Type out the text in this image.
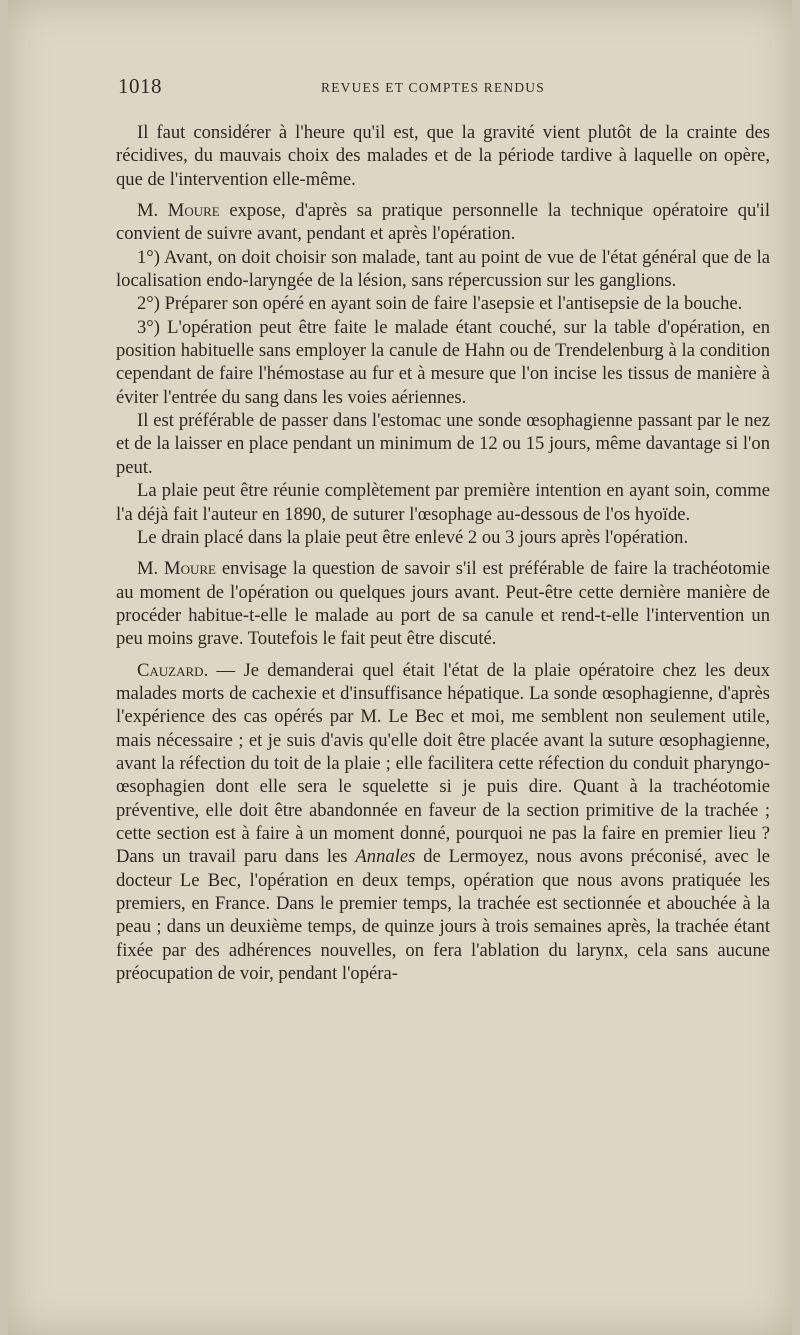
1018	REVUES ET COMPTES RENDUS

Il faut considérer à l'heure qu'il est, que la gravité vient plutôt de la crainte des récidives, du mauvais choix des malades et de la période tardive à laquelle on opère, que de l'intervention elle-même.

M. Moure expose, d'après sa pratique personnelle la technique opératoire qu'il convient de suivre avant, pendant et après l'opération.

1°) Avant, on doit choisir son malade, tant au point de vue de l'état général que de la localisation endo-laryngée de la lésion, sans répercussion sur les ganglions.

2°) Préparer son opéré en ayant soin de faire l'asepsie et l'antisepsie de la bouche.

3°) L'opération peut être faite le malade étant couché, sur la table d'opération, en position habituelle sans employer la canule de Hahn ou de Trendelenburg à la condition cependant de faire l'hémostase au fur et à mesure que l'on incise les tissus de manière à éviter l'entrée du sang dans les voies aériennes.

Il est préférable de passer dans l'estomac une sonde œsophagienne passant par le nez et de la laisser en place pendant un minimum de 12 ou 15 jours, même davantage si l'on peut.

La plaie peut être réunie complètement par première intention en ayant soin, comme l'a déjà fait l'auteur en 1890, de suturer l'œsophage au-dessous de l'os hyoïde.

Le drain placé dans la plaie peut être enlevé 2 ou 3 jours après l'opération.

M. Moure envisage la question de savoir s'il est préférable de faire la trachéotomie au moment de l'opération ou quelques jours avant. Peut-être cette dernière manière de procéder habitue-t-elle le malade au port de sa canule et rend-t-elle l'intervention un peu moins grave. Toutefois le fait peut être discuté.

Cauzard. — Je demanderai quel était l'état de la plaie opératoire chez les deux malades morts de cachexie et d'insuffisance hépatique. La sonde œsophagienne, d'après l'expérience des cas opérés par M. Le Bec et moi, me semblent non seulement utile, mais nécessaire ; et je suis d'avis qu'elle doit être placée avant la suture œsophagienne, avant la réfection du toit de la plaie ; elle facilitera cette réfection du conduit pharyngo-œsophagien dont elle sera le squelette si je puis dire. Quant à la trachéotomie préventive, elle doit être abandonnée en faveur de la section primitive de la trachée ; cette section est à faire à un moment donné, pourquoi ne pas la faire en premier lieu ? Dans un travail paru dans les Annales de Lermoyez, nous avons préconisé, avec le docteur Le Bec, l'opération en deux temps, opération que nous avons pratiquée les premiers, en France. Dans le premier temps, la trachée est sectionnée et abouchée à la peau ; dans un deuxième temps, de quinze jours à trois semaines après, la trachée étant fixée par des adhérences nouvelles, on fera l'ablation du larynx, cela sans aucune préocupation de voir, pendant l'opéra-
